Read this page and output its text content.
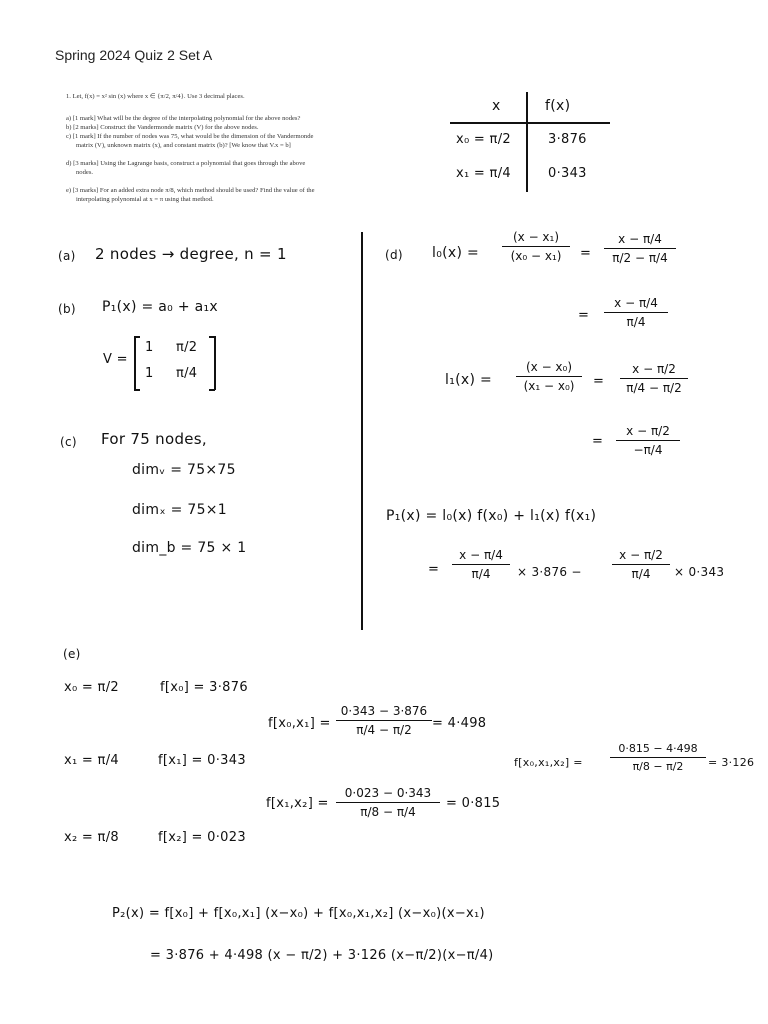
Spring 2024 Quiz 2 Set A
1. Let, f(x) = x² sin (x) where x ∈ {π/2, π/4}. Use 3 decimal places.
a) [1 mark] What will be the degree of the interpolating polynomial for the above nodes?
b) [2 marks] Construct the Vandermonde matrix (V) for the above nodes.
c) [1 mark] If the number of nodes was 75, what would be the dimension of the Vandermonde
matrix (V), unknown matrix (x), and constant matrix (b)? [We know that V.x = b]
d) [3 marks] Using the Lagrange basis, construct a polynomial that goes through the above
nodes.
e) [3 marks] For an added extra node π/8, which method should be used? Find the value of the
interpolating polynomial at x = π using that method.
x	f(x)
x₀ = π/2	3·876
x₁ = π/4	0·343
(a) 2 nodes → degree, n = 1
(b) P₁(x) = a₀ + a₁x
V =
1 π/2
1 π/4
(c) For 75 nodes,
dimᵥ = 75×75
dimₓ = 75×1
dim_b = 75 × 1
(d) l₀(x) =
(x − x₁)
(x₀ − x₁)	=
x − π/4
π/2 − π/4
=
x − π/4
π/4
l₁(x) =
(x − x₀)
(x₁ − x₀)	=
x − π/2
π/4 − π/2
=
x − π/2
−π/4
P₁(x) = l₀(x) f(x₀) + l₁(x) f(x₁)
=
x − π/4
π/4	× 3·876 −
x − π/2
π/4	× 0·343
(e)
x₀ = π/2	f[x₀] = 3·876
x₁ = π/4	f[x₁] = 0·343
x₂ = π/8	f[x₂] = 0·023
f[x₀,x₁] =
0·343 − 3·876
π/4 − π/2	= 4·498
f[x₁,x₂] =
0·023 − 0·343
π/8 − π/4
= 0·815
f[x₀,x₁,x₂] =
0·815 − 4·498
π/8 − π/2	= 3·126
P₂(x) = f[x₀] + f[x₀,x₁] (x−x₀) + f[x₀,x₁,x₂] (x−x₀)(x−x₁)
= 3·876 + 4·498 (x − π/2) + 3·126 (x−π/2)(x−π/4)
